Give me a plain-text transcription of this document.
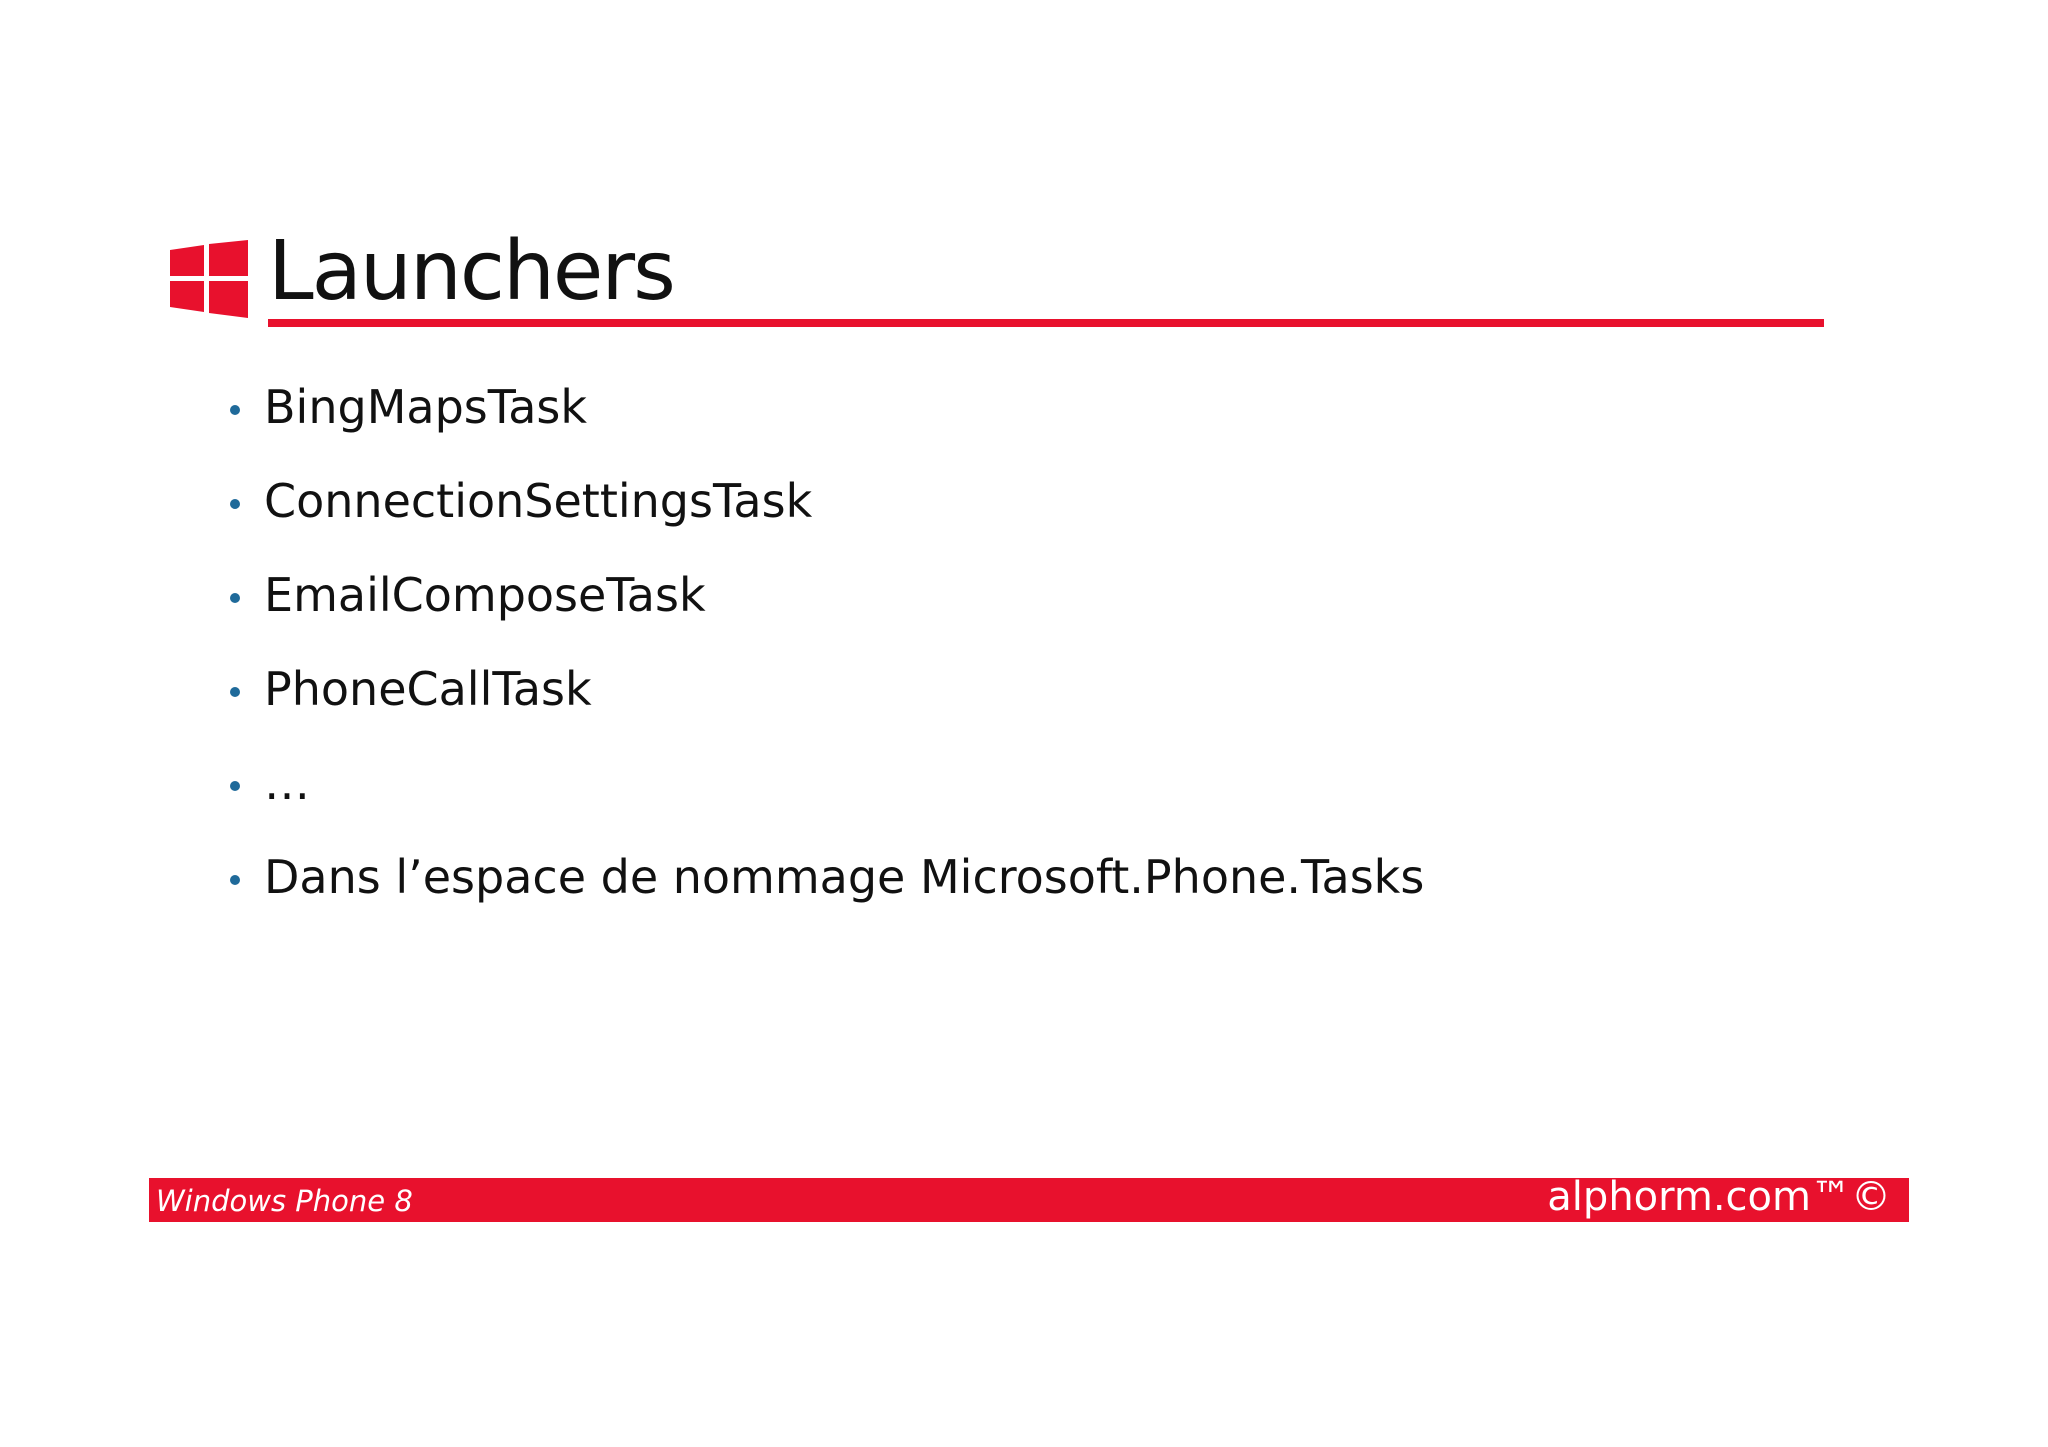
Launchers
BingMapsTask
ConnectionSettingsTask
EmailComposeTask
PhoneCallTask
…
Dans l’espace de nommage Microsoft.Phone.Tasks
Windows Phone 8	alphorm.com™©
